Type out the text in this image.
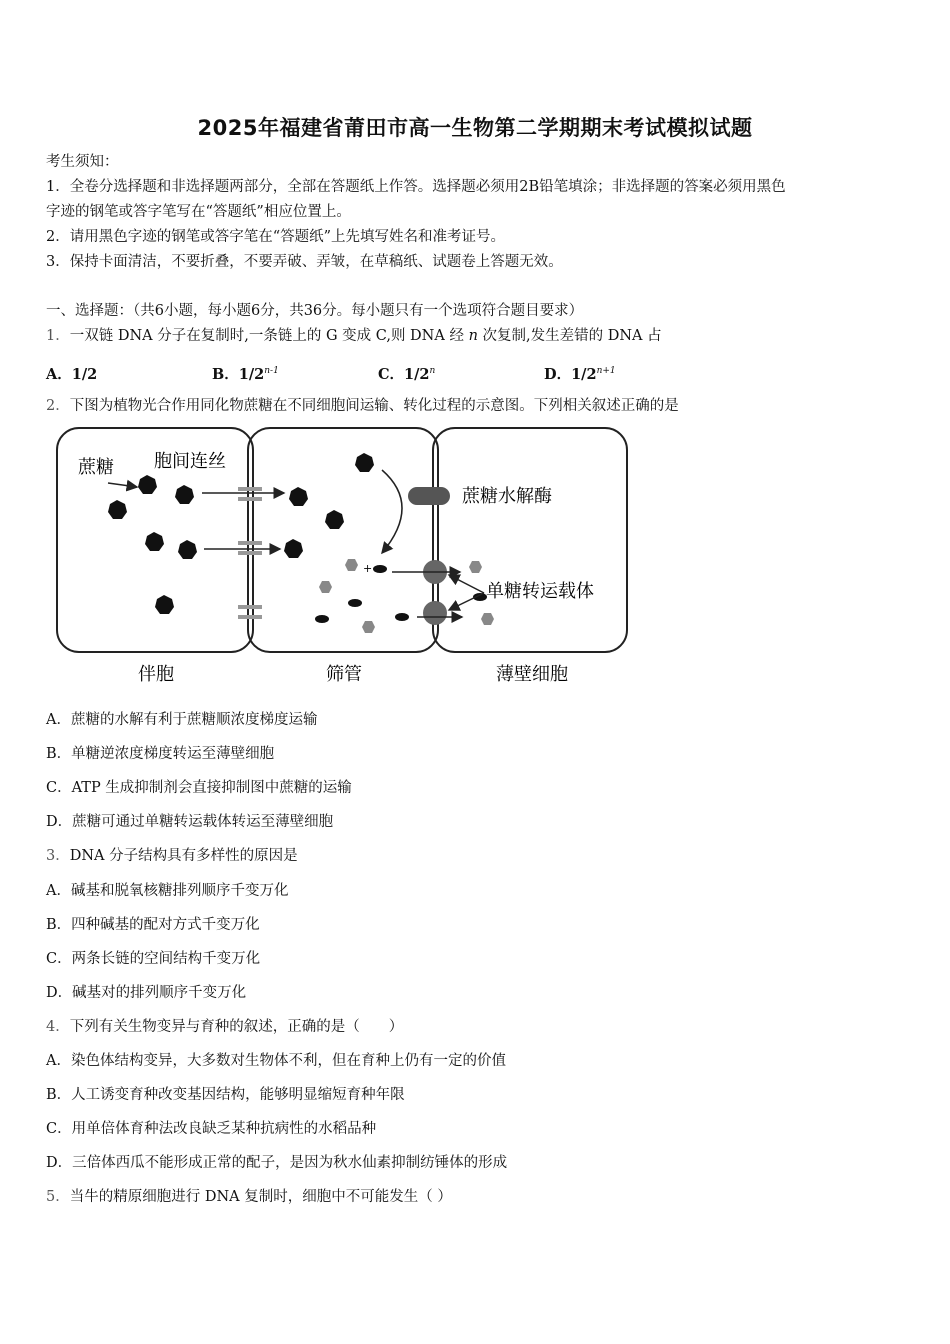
2025年福建省莆田市高一生物第二学期期末考试模拟试题
考生须知：
1．全卷分选择题和非选择题两部分，全部在答题纸上作答。选择题必须用2B铅笔填涂；非选择题的答案必须用黑色
字迹的钢笔或答字笔写在“答题纸”相应位置上。
2．请用黑色字迹的钢笔或答字笔在“答题纸”上先填写姓名和准考证号。
3．保持卡面清洁，不要折叠，不要弄破、弄皱，在草稿纸、试题卷上答题无效。
一、选择题：（共6小题，每小题6分，共36分。每小题只有一个选项符合题目要求）
1．一双链 DNA 分子在复制时,一条链上的 G 变成 C,则 DNA 经 n 次复制,发生差错的 DNA 占
A．1/2	B．1/2$^{n-1}$	C．1/2$^n$	D．$1/2^{n+1}$
2．下图为植物光合作用同化物蔗糖在不同细胞间运输、转化过程的示意图。下列相关叙述正确的是
蔗糖 胞间连丝
蔗糖水解酶
+
单糖转运载体
伴胞	筛管	薄壁细胞
A．蔗糖的水解有利于蔗糖顺浓度梯度运输
B．单糖逆浓度梯度转运至薄壁细胞
C．ATP 生成抑制剂会直接抑制图中蔗糖的运输
D．蔗糖可通过单糖转运载体转运至薄壁细胞
3．DNA 分子结构具有多样性的原因是
A．碱基和脱氧核糖排列顺序千变万化
B．四种碱基的配对方式千变万化
C．两条长链的空间结构千变万化
D．碱基对的排列顺序千变万化
4．下列有关生物变异与育种的叙述，正确的是（　　）
A．染色体结构变异，大多数对生物体不利，但在育种上仍有一定的价值
B．人工诱变育种改变基因结构，能够明显缩短育种年限
C．用单倍体育种法改良缺乏某种抗病性的水稻品种
D．三倍体西瓜不能形成正常的配子，是因为秋水仙素抑制纺锤体的形成
5．当牛的精原细胞进行 DNA 复制时，细胞中不可能发生（ ）
